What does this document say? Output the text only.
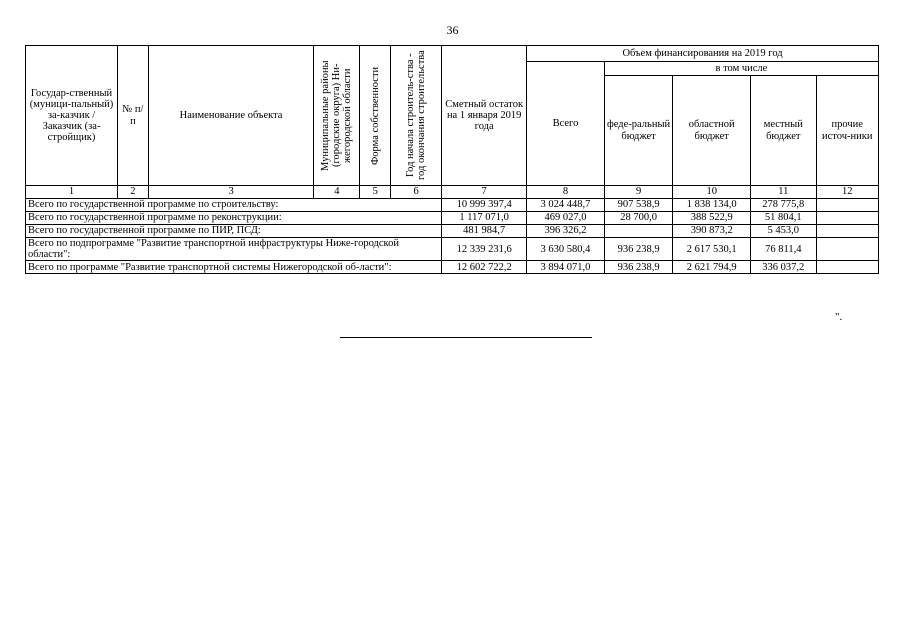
36
Государ-ственный (муници-пальный) за-казчик / Заказчик (за-стройщик)	№ п/п	Наименование объекта	Муниципальные районы (городские округа) Ни-жегородской области	Форма собственности	Год начала строитель-ства - год окончания строительства	Сметный остаток на 1 января 2019 года	Объем финансирования на 2019 год				
							Всего	в том числе			
								феде-ральный бюджет	областной бюджет	местный бюджет	прочие источ-ники
1	2	3	4	5	6	7	8	9	10	11	12
Всего по государственной программе по строительству:						10 999 397,4	3 024 448,7	907 538,9	1 838 134,0	278 775,8	
Всего по государственной программе по реконструкции:						1 117 071,0	469 027,0	28 700,0	388 522,9	51 804,1	
Всего по государственной программе по ПИР, ПСД:						481 984,7	396 326,2		390 873,2	5 453,0	
Всего по подпрограмме "Развитие транспортной инфраструктуры Ниже-городской области":						12 339 231,6	3 630 580,4	936 238,9	2 617 530,1	76 811,4	
Всего по программе "Развитие транспортной системы Нижегородской об-ласти":						12 602 722,2	3 894 071,0	936 238,9	2 621 794,9	336 037,2	
".
